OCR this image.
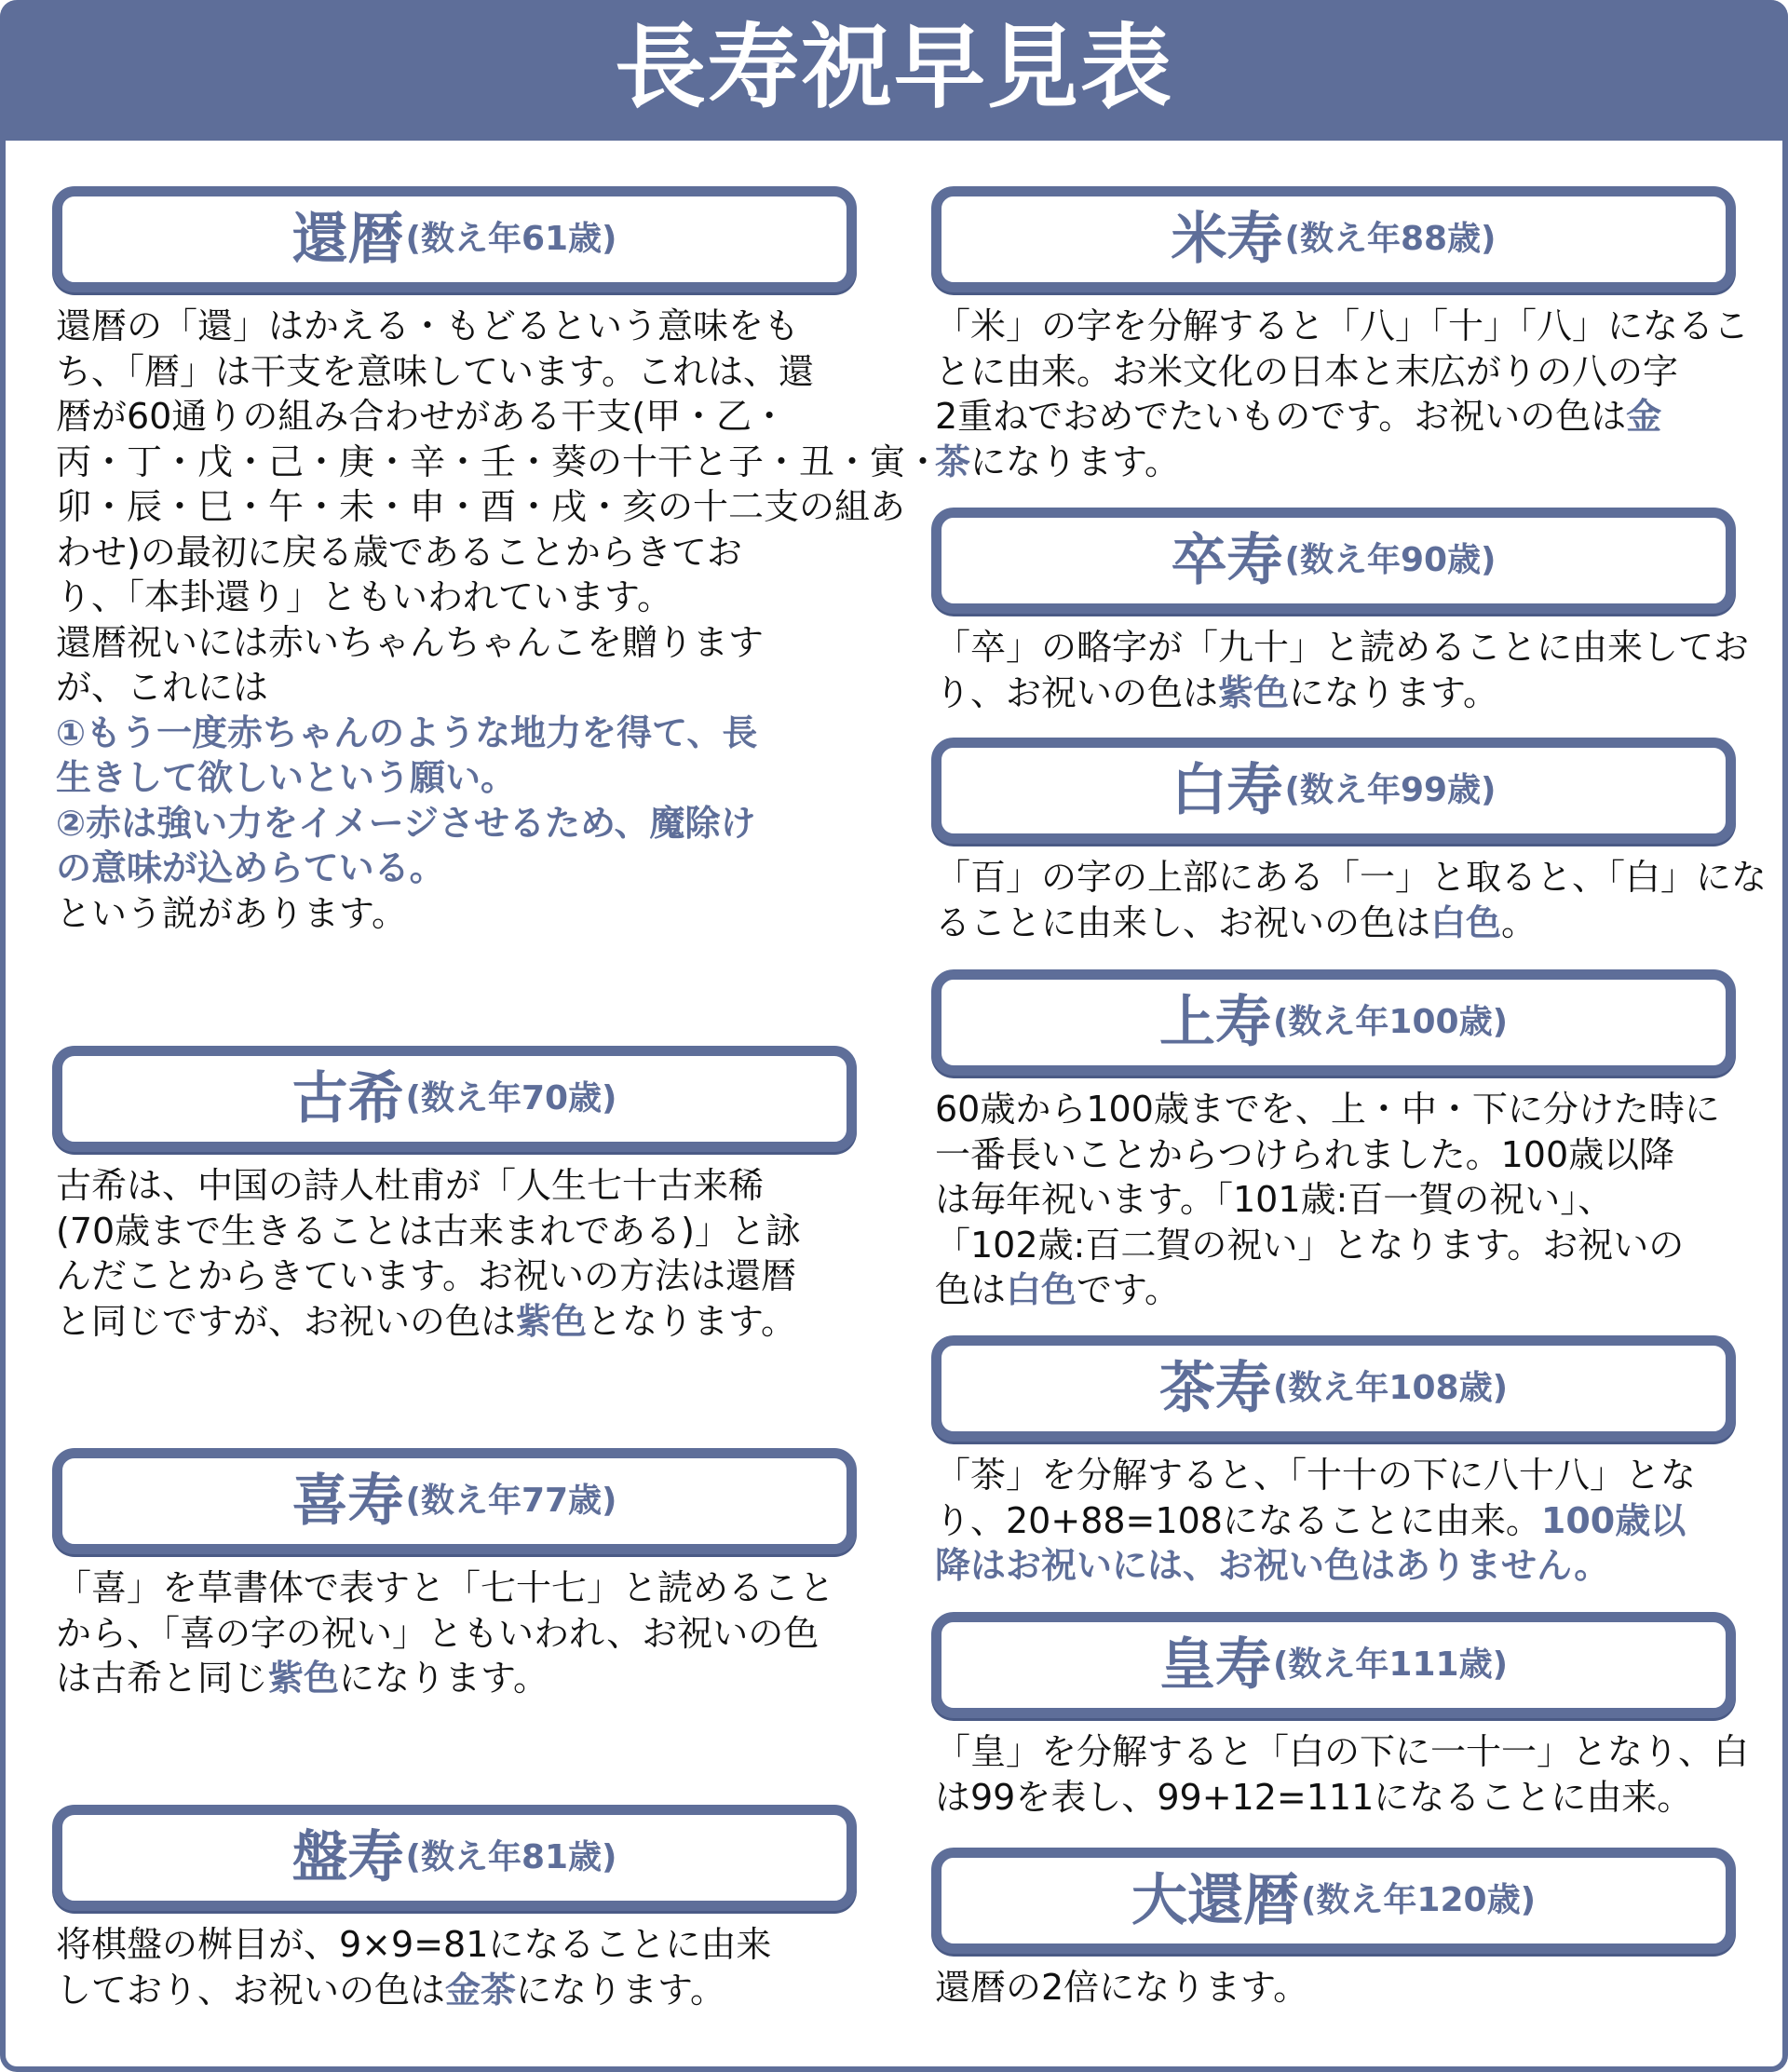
長寿祝早見表
還暦 (数え年61歳)
還暦の「還」はかえる・もどるという意味をも
ち、「暦」は干支を意味しています。これは、還
暦が60通りの組み合わせがある干支(甲・乙・
丙・丁・戊・己・庚・辛・壬・葵の十干と子・丑・寅・
卯・辰・巳・午・未・申・酉・戌・亥の十二支の組あ
わせ)の最初に戻る歳であることからきてお
り、「本卦還り」ともいわれています。
還暦祝いには赤いちゃんちゃんこを贈ります
が、これには
①もう一度赤ちゃんのような地力を得て、長
生きして欲しいという願い。
②赤は強い力をイメージさせるため、魔除け
の意味が込めらている。
という説があります。
古希 (数え年70歳)
古希は、中国の詩人杜甫が「人生七十古来稀
(70歳まで生きることは古来まれである)」と詠
んだことからきています。お祝いの方法は還暦
と同じですが、お祝いの色は紫色となります。
喜寿 (数え年77歳)
「喜」を草書体で表すと「七十七」と読めること
から、「喜の字の祝い」ともいわれ、お祝いの色
は古希と同じ紫色になります。
盤寿 (数え年81歳)
将棋盤の桝目が、9×9=81になることに由来
しており、お祝いの色は金茶になります。
米寿 (数え年88歳)
「米」の字を分解すると「八」「十」「八」になるこ
とに由来。お米文化の日本と末広がりの八の字
2重ねでおめでたいものです。お祝いの色は金
茶になります。
卒寿 (数え年90歳)
「卒」の略字が「九十」と読めることに由来してお
り、お祝いの色は紫色になります。
白寿 (数え年99歳)
「百」の字の上部にある「一」と取ると、「白」にな
ることに由来し、お祝いの色は白色。
上寿 (数え年100歳)
60歳から100歳までを、上・中・下に分けた時に
一番長いことからつけられました。100歳以降
は毎年祝います。「101歳:百一賀の祝い」、
「102歳:百二賀の祝い」となります。お祝いの
色は白色です。
茶寿 (数え年108歳)
「茶」を分解すると、「十十の下に八十八」とな
り、20+88=108になることに由来。100歳以
降はお祝いには、お祝い色はありません。
皇寿 (数え年111歳)
「皇」を分解すると「白の下に一十一」となり、白
は99を表し、99+12=111になることに由来。
大還暦 (数え年120歳)
還暦の2倍になります。
